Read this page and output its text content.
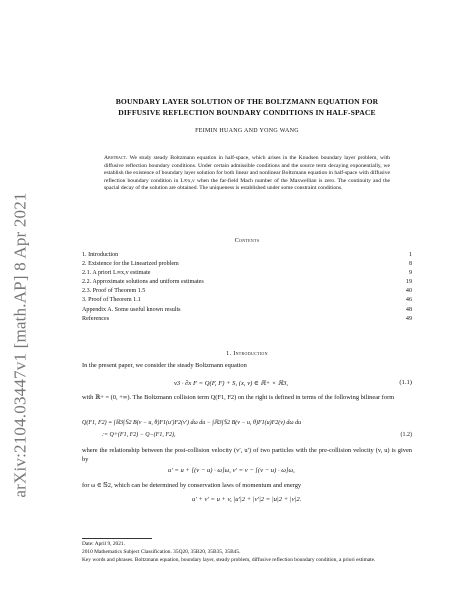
arXiv:2104.03447v1 [math.AP] 8 Apr 2021
BOUNDARY LAYER SOLUTION OF THE BOLTZMANN EQUATION FOR
DIFFUSIVE REFLECTION BOUNDARY CONDITIONS IN HALF-SPACE
FEIMIN HUANG AND YONG WANG
Abstract. We study steady Boltzmann equation in half-space, which arises in the Knudsen boundary layer problem, with diffusive reflection boundary conditions. Under certain admissible conditions and the source term decaying exponentially, we establish the existence of boundary layer solution for both linear and nonlinear Boltzmann equation in half-space with diffusive reflection boundary condition in L∞x,v when the far-field Mach number of the Maxwellian is zero. The continuity and the spacial decay of the solution are obtained. The uniqueness is established under some constraint conditions.
Contents
1. Introduction	1
2. Existence for the Linearized problem	8
2.1. A priori L∞x,v estimate	9
2.2. Approximate solutions and uniform estimates	19
2.3. Proof of Theorem 1.5	40
3. Proof of Theorem 1.1	46
Appendix A. Some useful known results	48
References	49
1. Introduction
In the present paper, we consider the steady Boltzmann equation
v3 · ∂x F = Q(F, F) + S, (x, v) ∈ ℝ+ × ℝ3,	(1.1)
with ℝ+ = (0, +∞). The Boltzmann collision term Q(F1, F2) on the right is defined in terms of the following bilinear form
Q(F1, F2) ≡ ∫ℝ3∫𝕊2 B(v − u, θ)F1(u′)F2(v′) dω du − ∫ℝ3∫𝕊2 B(v − u, θ)F1(u)F2(v) dω du
:= Q+(F1, F2) − Q−(F1, F2),	(1.2)
where the relationship between the post-collision velocity (v′, u′) of two particles with the pre-collision velocity (v, u) is given by
u′ = u + [(v − u) · ω]ω, v′ = v − [(v − u) · ω]ω,
for ω ∈ 𝕊2, which can be determined by conservation laws of momentum and energy
u′ + v′ = u + v, |u′|2 + |v′|2 = |u|2 + |v|2.
Date: April 9, 2021.
2010 Mathematics Subject Classification. 35Q20, 35B20, 35B35, 35B45.
Key words and phrases. Boltzmann equation, boundary layer, steady problem, diffusive reflection boundary condition, a priori estimate.
